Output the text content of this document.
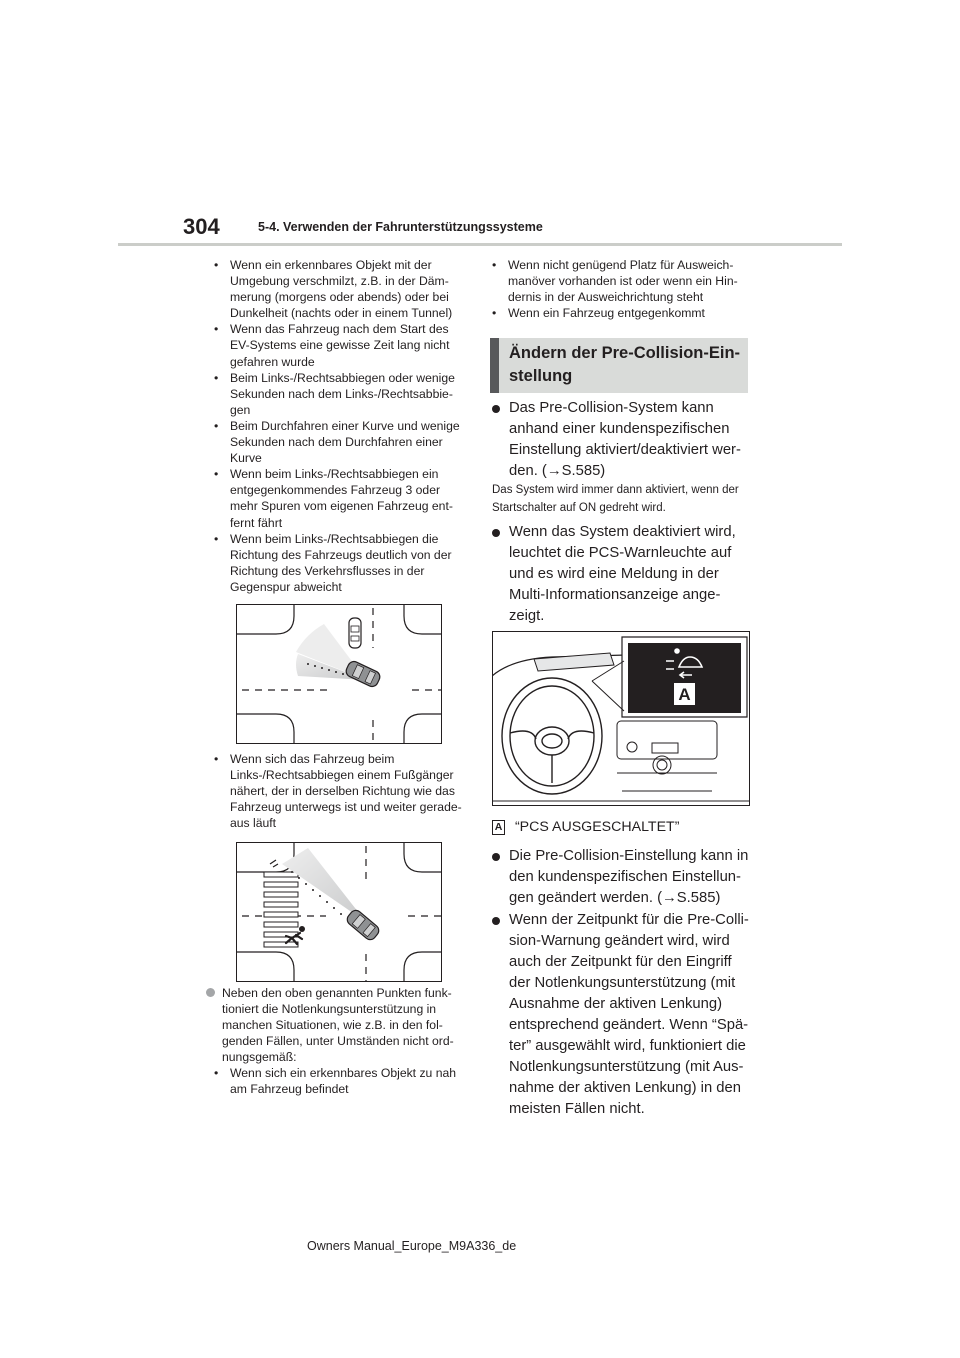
304	5-4. Verwenden der Fahrunterstützungssysteme
• Wenn ein erkennbares Objekt mit der Umgebung verschmilzt, z.B. in der Däm-merung (morgens oder abends) oder bei Dunkelheit (nachts oder in einem Tunnel)
• Wenn das Fahrzeug nach dem Start des EV-Systems eine gewisse Zeit lang nicht gefahren wurde
• Beim Links-/Rechtsabbiegen oder wenige Sekunden nach dem Links-/Rechtsabbie-gen
• Beim Durchfahren einer Kurve und wenige Sekunden nach dem Durchfahren einer Kurve
• Wenn beim Links-/Rechtsabbiegen ein entgegenkommendes Fahrzeug 3 oder mehr Spuren vom eigenen Fahrzeug ent-fernt fährt
• Wenn beim Links-/Rechtsabbiegen die Richtung des Fahrzeugs deutlich von der Richtung des Verkehrsflusses in der Gegenspur abweicht
• Wenn sich das Fahrzeug beim Links-/Rechtsabbiegen einem Fußgänger nähert, der in derselben Richtung wie das Fahrzeug unterwegs ist und weiter gerade-aus läuft
Neben den oben genannten Punkten funk-tioniert die Notlenkungsunterstützung in manchen Situationen, wie z.B. in den fol-genden Fällen, unter Umständen nicht ord-nungsgemäß:
• Wenn sich ein erkennbares Objekt zu nah am Fahrzeug befindet
• Wenn nicht genügend Platz für Ausweich-manöver vorhanden ist oder wenn ein Hin-dernis in der Ausweichrichtung steht
• Wenn ein Fahrzeug entgegenkommt
Ändern der Pre-Collision-Ein-stellung
Das Pre-Collision-System kann anhand einer kundenspezifischen Einstellung aktiviert/deaktiviert wer-den. (→S.585)
Das System wird immer dann aktiviert, wenn der Startschalter auf ON gedreht wird.
Wenn das System deaktiviert wird, leuchtet die PCS-Warnleuchte auf und es wird eine Meldung in der Multi-Informationsanzeige ange-zeigt.
A
A “PCS AUSGESCHALTET”
Die Pre-Collision-Einstellung kann in den kundenspezifischen Einstellun-gen geändert werden. (→S.585)
Wenn der Zeitpunkt für die Pre-Colli-sion-Warnung geändert wird, wird auch der Zeitpunkt für den Eingriff der Notlenkungsunterstützung (mit Ausnahme der aktiven Lenkung) entsprechend geändert. Wenn “Spä-ter” ausgewählt wird, funktioniert die Notlenkungsunterstützung (mit Aus-nahme der aktiven Lenkung) in den meisten Fällen nicht.
Owners Manual_Europe_M9A336_de
